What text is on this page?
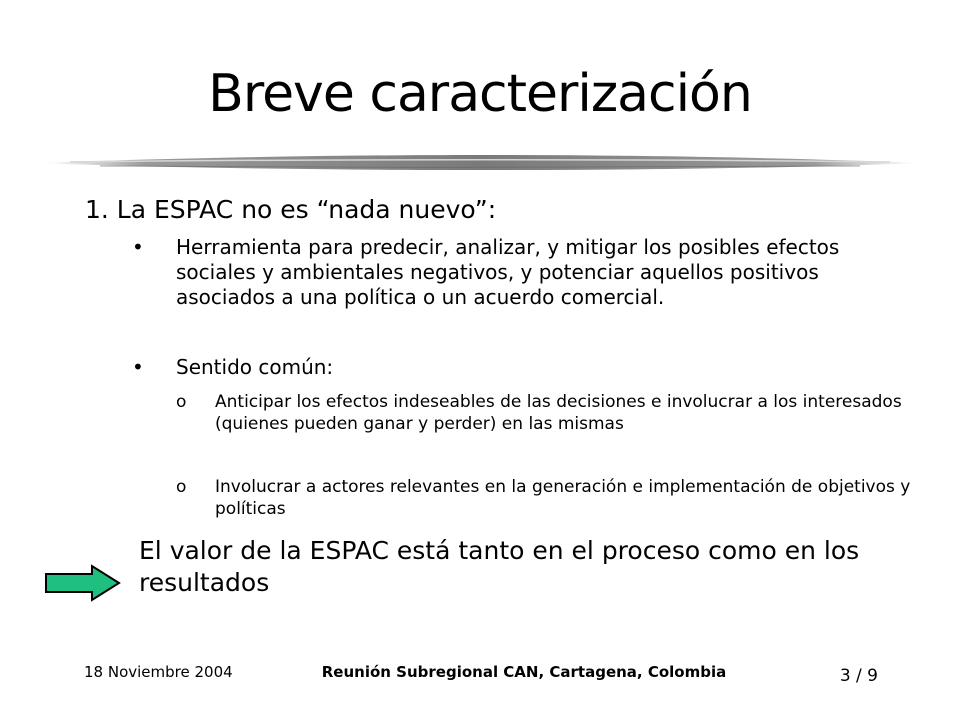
Breve caracterización
1. La ESPAC no es “nada nuevo”:
• Herramienta para predecir, analizar, y mitigar los posibles efectos sociales y ambientales negativos, y potenciar aquellos positivos asociados a una política o un acuerdo comercial.
• Sentido común:
o Anticipar los efectos indeseables de las decisiones e involucrar a los interesados (quienes pueden ganar y perder) en las mismas
o Involucrar a actores relevantes en la generación e implementación de objetivos y políticas
El valor de la ESPAC está tanto en el proceso como en los resultados
18 Noviembre 2004	Reunión Subregional CAN, Cartagena, Colombia	3 / 9
